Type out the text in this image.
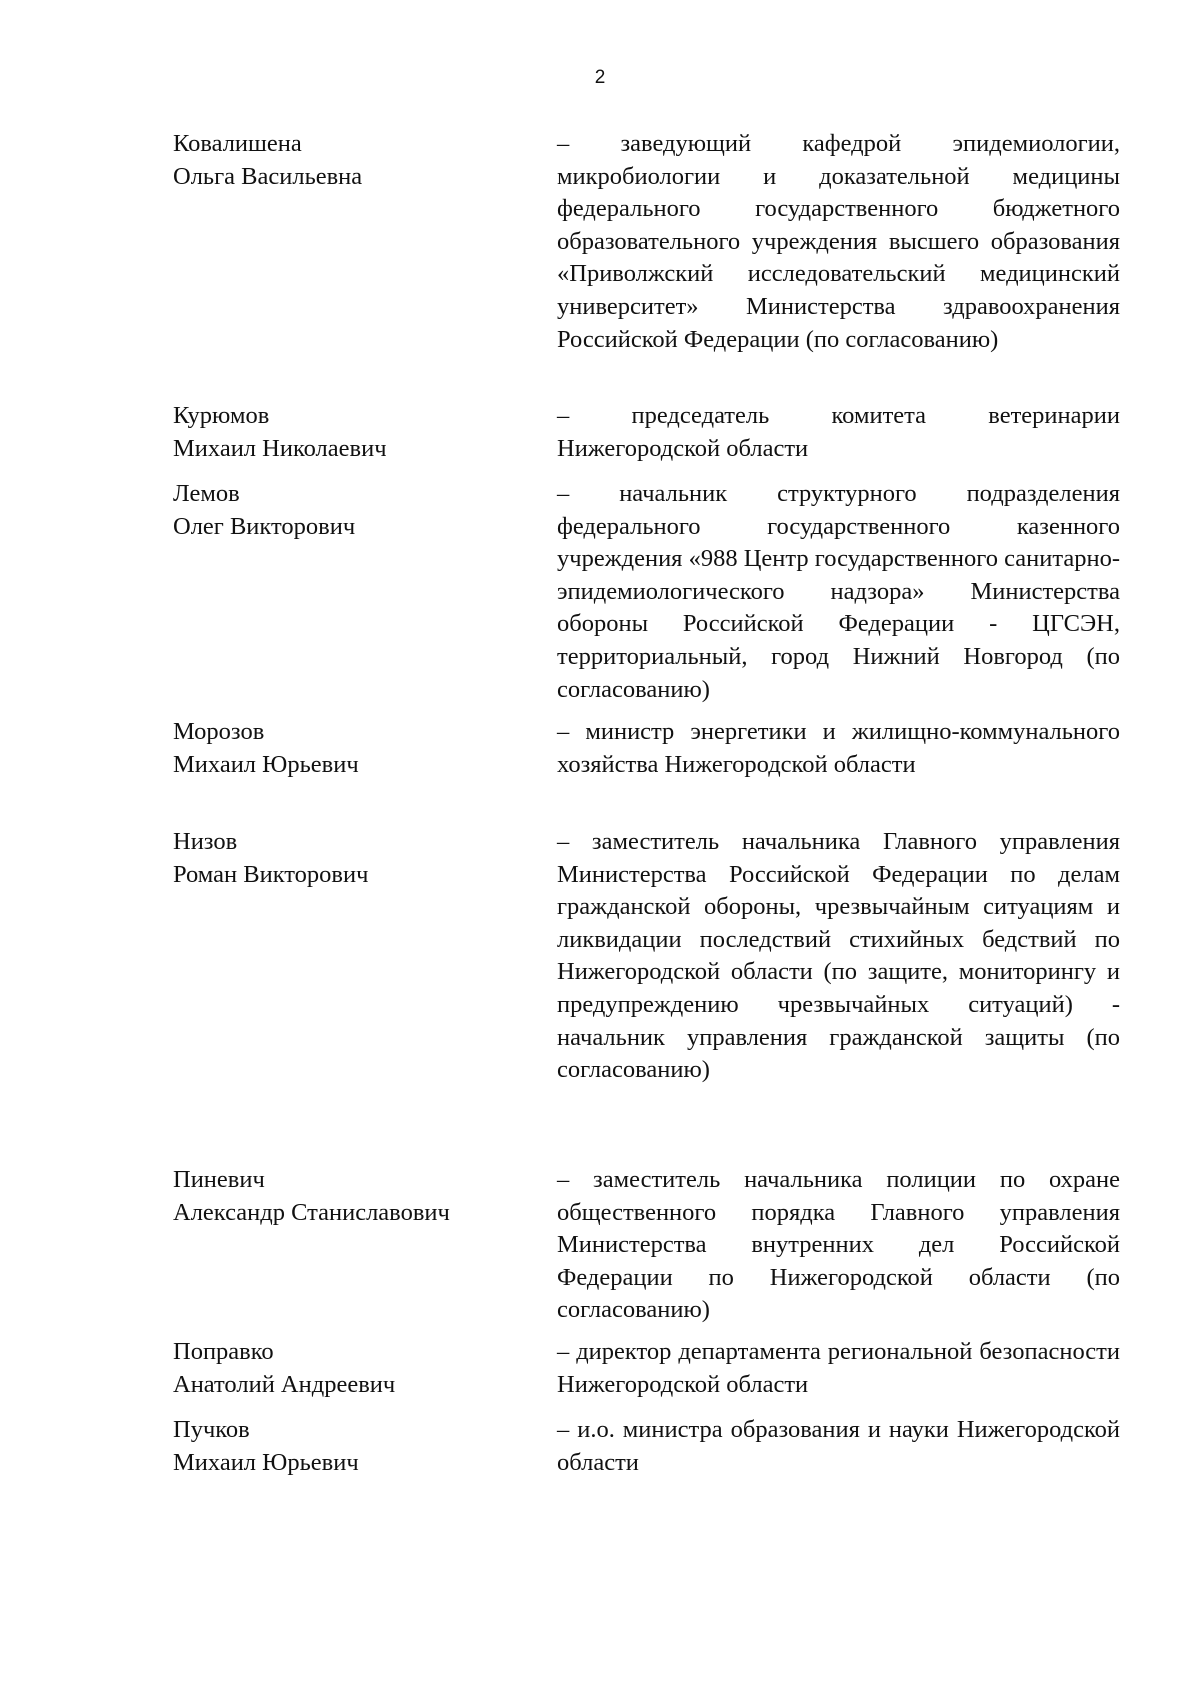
2
Ковалишена
Ольга Васильевна
– заведующий кафедрой эпидемиологии, микробиологии и доказательной медицины федерального государственного бюджетного образовательного учреждения высшего образования «Приволжский исследовательский медицинский университет» Министерства здравоохранения Российской Федерации (по согласованию)
Курюмов
Михаил Николаевич
– председатель комитета ветеринарии Нижегородской области
Лемов
Олег Викторович
– начальник структурного подразделения федерального государственного казенного учреждения «988 Центр государственного санитарно-эпидемиологического надзора» Министерства обороны Российской Федерации - ЦГСЭН, территориальный, город Нижний Новгород (по согласованию)
Морозов
Михаил Юрьевич
– министр энергетики и жилищно-коммунального хозяйства Нижегородской области
Низов
Роман Викторович
– заместитель начальника Главного управления Министерства Российской Федерации по делам гражданской обороны, чрезвычайным ситуациям и ликвидации последствий стихийных бедствий по Нижегородской области (по защите, мониторингу и предупреждению чрезвычайных ситуаций) - начальник управления гражданской защиты (по согласованию)
Пиневич
Александр Станиславович
– заместитель начальника полиции по охране общественного порядка Главного управления Министерства внутренних дел Российской Федерации по Нижегородской области (по согласованию)
Поправко
Анатолий Андреевич
– директор департамента региональной безопасности Нижегородской области
Пучков
Михаил Юрьевич
– и.о. министра образования и науки Нижегородской области
